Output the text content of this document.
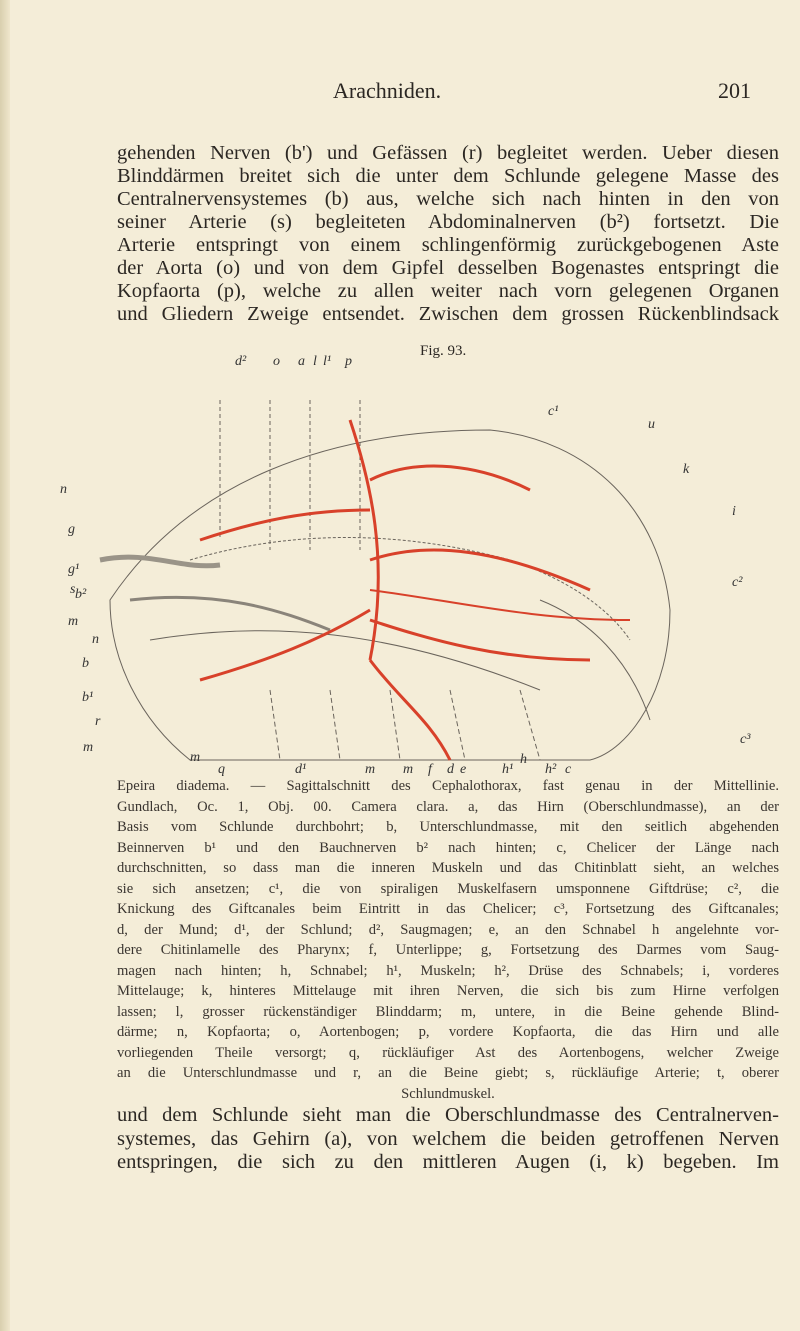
Arachniden.	201
Fig. 93.
gehenden Nerven (b') und Gefässen (r) begleitet werden. Ueber diesen
Blinddärmen breitet sich die unter dem Schlunde gelegene Masse des
Centralnervensystemes (b) aus, welche sich nach hinten in den von
seiner Arterie (s) begleiteten Abdominalnerven (b²) fortsetzt. Die
Arterie entspringt von einem schlingenförmig zurückgebogenen Aste
der Aorta (o) und von dem Gipfel desselben Bogenastes entspringt die
Kopfaorta (p), welche zu allen weiter nach vorn gelegenen Organen
und Gliedern Zweige entsendet. Zwischen dem grossen Rückenblindsack
Epeira diadema. — Sagittalschnitt des Cephalothorax, fast genau in der Mittellinie.
Gundlach, Oc. 1, Obj. 00. Camera clara. a, das Hirn (Oberschlundmasse), an der
Basis vom Schlunde durchbohrt; b, Unterschlundmasse, mit den seitlich abgehenden
Beinnerven b¹ und den Bauchnerven b² nach hinten; c, Chelicer der Länge nach
durchschnitten, so dass man die inneren Muskeln und das Chitinblatt sieht, an welches
sie sich ansetzen; c¹, die von spiraligen Muskelfasern umsponnene Giftdrüse; c², die
Knickung des Giftcanales beim Eintritt in das Chelicer; c³, Fortsetzung des Giftcanales;
d, der Mund; d¹, der Schlund; d², Saugmagen; e, an den Schnabel h angelehnte vor-
dere Chitinlamelle des Pharynx; f, Unterlippe; g, Fortsetzung des Darmes vom Saug-
magen nach hinten; h, Schnabel; h¹, Muskeln; h², Drüse des Schnabels; i, vorderes
Mittelauge; k, hinteres Mittelauge mit ihren Nerven, die sich bis zum Hirne verfolgen
lassen; l, grosser rückenständiger Blinddarm; m, untere, in die Beine gehende Blind-
därme; n, Kopfaorta; o, Aortenbogen; p, vordere Kopfaorta, die das Hirn und alle
vorliegenden Theile versorgt; q, rückläufiger Ast des Aortenbogens, welcher Zweige
an die Unterschlundmasse und r, an die Beine giebt; s, rückläufige Arterie; t, oberer
Schlundmuskel.
und dem Schlunde sieht man die Oberschlundmasse des Centralnerven-
systemes, das Gehirn (a), von welchem die beiden getroffenen Nerven
entspringen, die sich zu den mittleren Augen (i, k) begeben. Im
n
d² o a l l¹ p
c¹
u
k
n
i
g
g¹
s b²
m
c²
b
b¹
r
m
m
q	d¹	m m f d e	h¹
h
h² c
c³
